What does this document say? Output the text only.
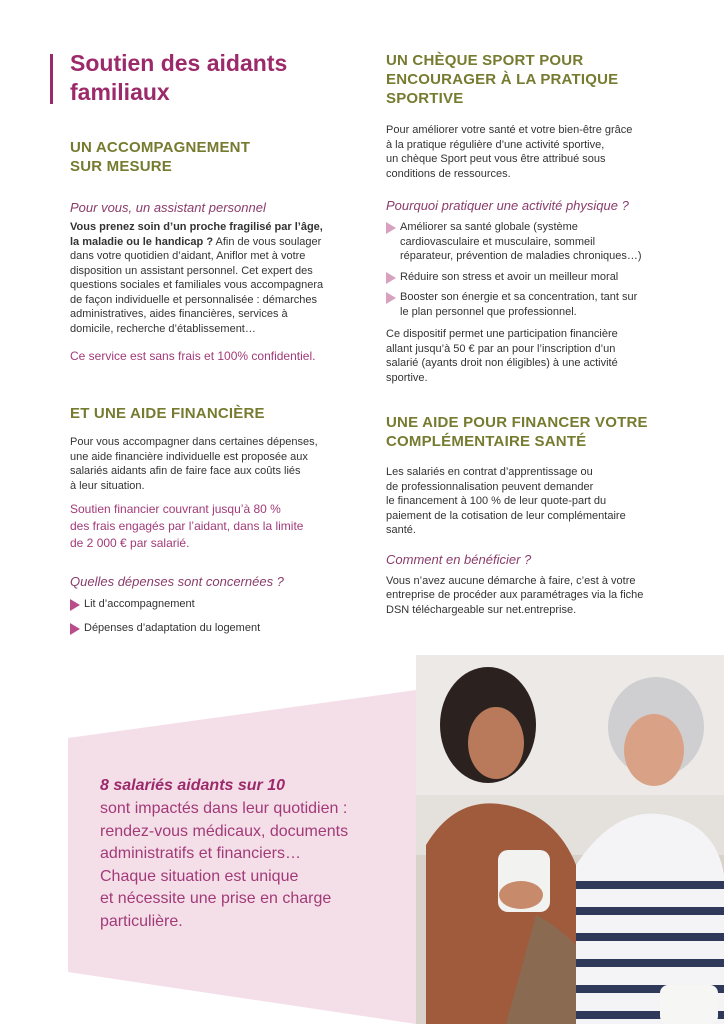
Soutien des aidants familiaux
UN ACCOMPAGNEMENT
SUR MESURE

Pour vous, un assistant personnel

Vous prenez soin d’un proche fragilisé par l’âge,
la maladie ou le handicap ? Afin de vous soulager
dans votre quotidien d’aidant, Aniflor met à votre
disposition un assistant personnel. Cet expert des
questions sociales et familiales vous accompagnera
de façon individuelle et personnalisée : démarches
administratives, aides financières, services à
domicile, recherche d’établissement…

Ce service est sans frais et 100% confidentiel.

ET UNE AIDE FINANCIÈRE
Pour vous accompagner dans certaines dépenses,
une aide financière individuelle est proposée aux
salariés aidants afin de faire face aux coûts liés
à leur situation.
Soutien financier couvrant jusqu’à 80 %
des frais engagés par l’aidant, dans la limite
de 2 000 € par salarié.

Quelles dépenses sont concernées ?

Lit d’accompagnement
Dépenses d’adaptation du logement
UN CHÈQUE SPORT POUR
ENCOURAGER À LA PRATIQUE
SPORTIVE
Pour améliorer votre santé et votre bien-être grâce
à la pratique régulière d’une activité sportive,
un chèque Sport peut vous être attribué sous
conditions de ressources.

Pourquoi pratiquer une activité physique ?

Améliorer sa santé globale (système
cardiovasculaire et musculaire, sommeil
réparateur, prévention de maladies chroniques…)
Réduire son stress et avoir un meilleur moral
Booster son énergie et sa concentration, tant sur
le plan personnel que professionnel.
Ce dispositif permet une participation financière
allant jusqu’à 50 € par an pour l’inscription d’un
salarié (ayants droit non éligibles) à une activité
sportive.
UNE AIDE POUR FINANCER VOTRE
COMPLÉMENTAIRE SANTÉ
Les salariés en contrat d’apprentissage ou
de professionnalisation peuvent demander
le financement à 100 % de leur quote-part du
paiement de la cotisation de leur complémentaire
santé.

Comment en bénéficier ?

Vous n’avez aucune démarche à faire, c’est à votre
entreprise de procéder aux paramétrages via la fiche
DSN téléchargeable sur net.entreprise.

8 salariés aidants sur 10

sont impactés dans leur quotidien :
rendez-vous médicaux, documents
administratifs et financiers…
Chaque situation est unique
et nécessite une prise en charge
particulière.
